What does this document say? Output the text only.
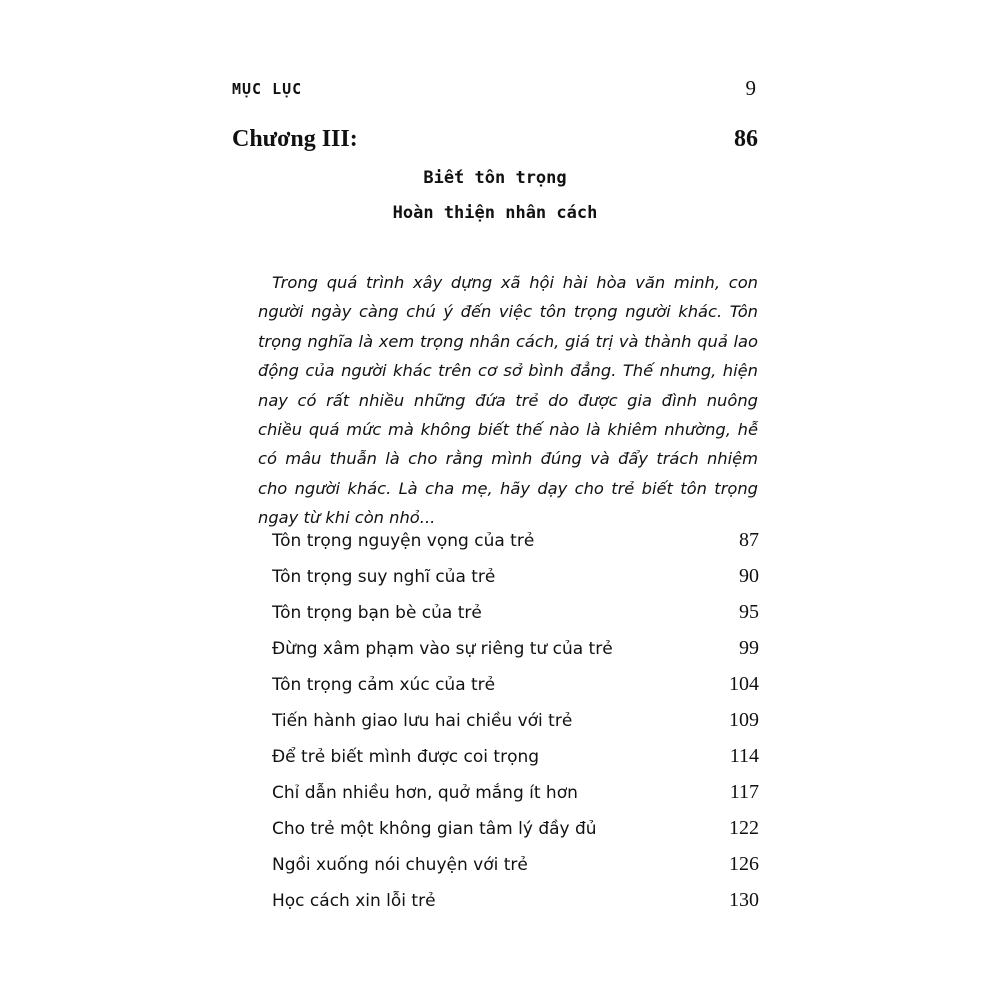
MỤC LỤC	9
Chương III:	86
Biết tôn trọng
Hoàn thiện nhân cách

Trong quá trình xây dựng xã hội hài hòa văn minh, con người ngày càng chú ý đến việc tôn trọng người khác. Tôn trọng nghĩa là xem trọng nhân cách, giá trị và thành quả lao động của người khác trên cơ sở bình đẳng. Thế nhưng, hiện nay có rất nhiều những đứa trẻ do được gia đình nuông chiều quá mức mà không biết thế nào là khiêm nhường, hễ có mâu thuẫn là cho rằng mình đúng và đẩy trách nhiệm cho người khác. Là cha mẹ, hãy dạy cho trẻ biết tôn trọng ngay từ khi còn nhỏ...

Tôn trọng nguyện vọng của trẻ	87
Tôn trọng suy nghĩ của trẻ	90
Tôn trọng bạn bè của trẻ	95
Đừng xâm phạm vào sự riêng tư của trẻ	99
Tôn trọng cảm xúc của trẻ	104
Tiến hành giao lưu hai chiều với trẻ	109
Để trẻ biết mình được coi trọng	114
Chỉ dẫn nhiều hơn, quở mắng ít hơn	117
Cho trẻ một không gian tâm lý đầy đủ	122
Ngồi xuống nói chuyện với trẻ	126
Học cách xin lỗi trẻ	130
